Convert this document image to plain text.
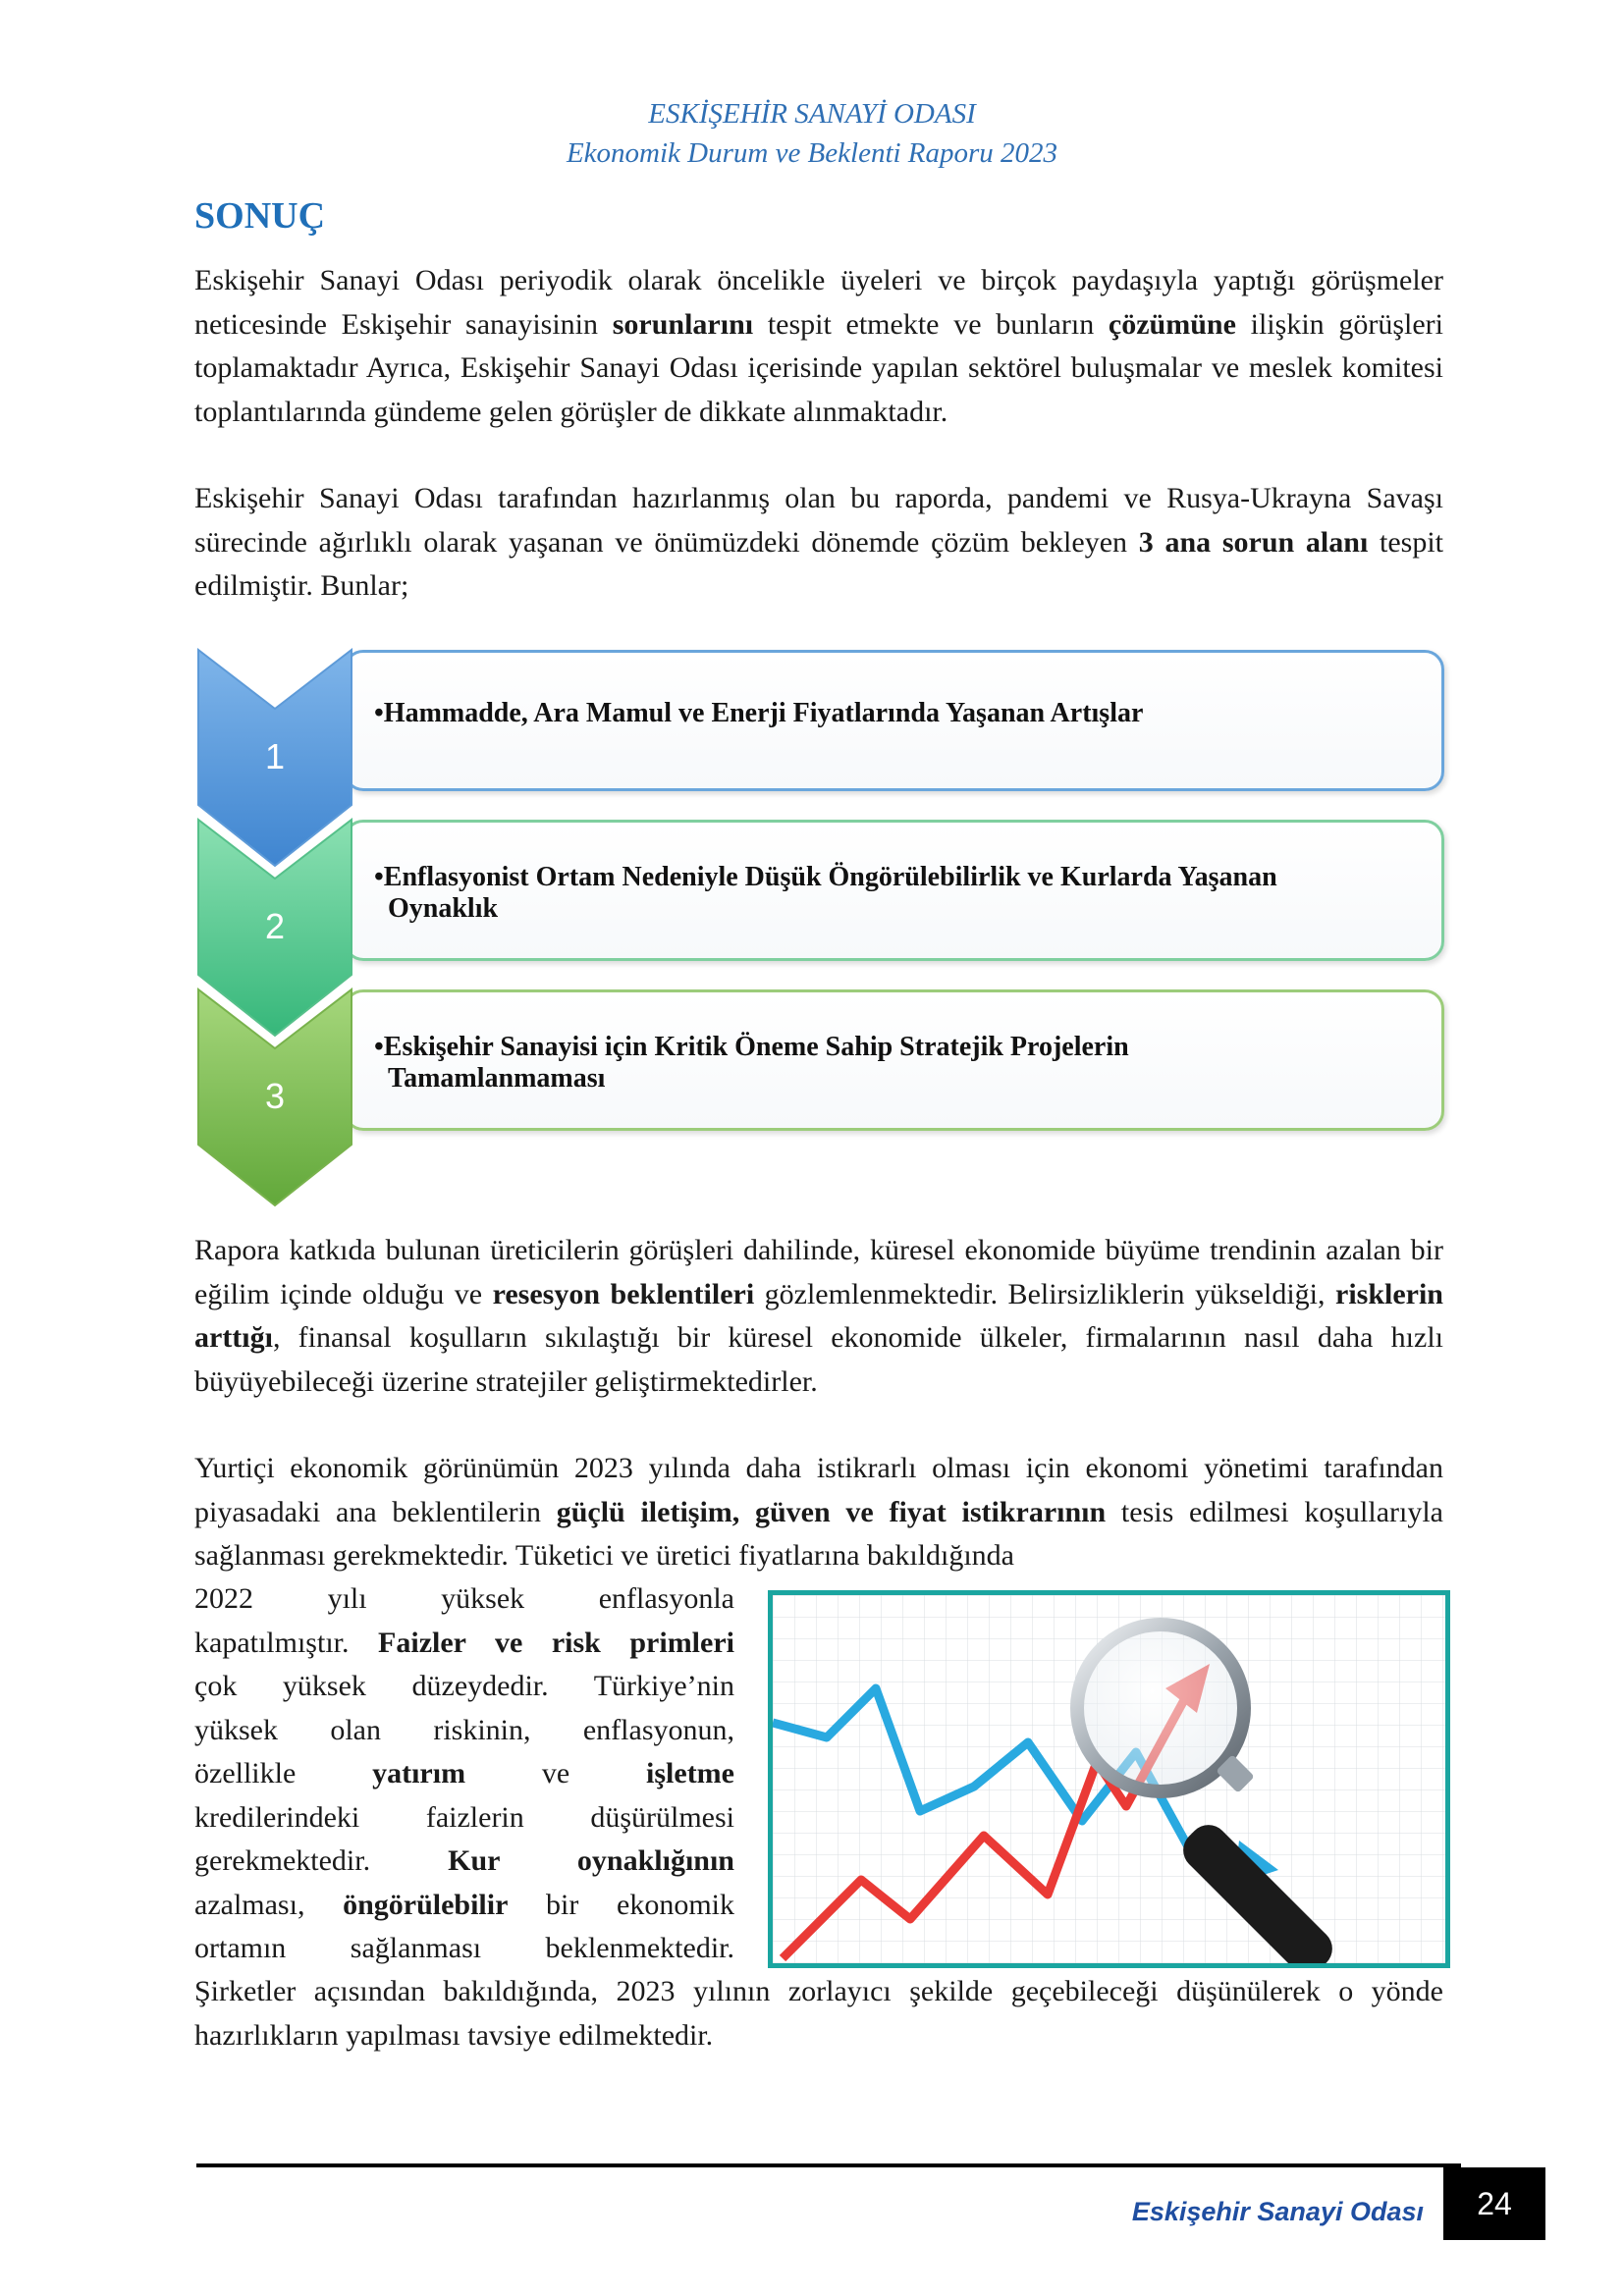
ESKİŞEHİR SANAYİ ODASI
Ekonomik Durum ve Beklenti Raporu 2023
SONUÇ
Eskişehir Sanayi Odası periyodik olarak öncelikle üyeleri ve birçok paydaşıyla yaptığı görüşmeler neticesinde Eskişehir sanayisinin sorunlarını tespit etmekte ve bunların çözümüne ilişkin görüşleri toplamaktadır Ayrıca, Eskişehir Sanayi Odası içerisinde yapılan sektörel buluşmalar ve meslek komitesi toplantılarında gündeme gelen görüşler de dikkate alınmaktadır.
Eskişehir Sanayi Odası tarafından hazırlanmış olan bu raporda, pandemi ve Rusya-Ukrayna Savaşı sürecinde ağırlıklı olarak yaşanan ve önümüzdeki dönemde çözüm bekleyen 3 ana sorun alanı tespit edilmiştir. Bunlar;
•Hammadde, Ara Mamul ve Enerji Fiyatlarında Yaşanan Artışlar
1
•Enflasyonist Ortam Nedeniyle Düşük Öngörülebilirlik ve Kurlarda Yaşanan
Oynaklık
2
•Eskişehir Sanayisi için Kritik Öneme Sahip Stratejik Projelerin
Tamamlanmaması
3
Rapora katkıda bulunan üreticilerin görüşleri dahilinde, küresel ekonomide büyüme trendinin azalan bir eğilim içinde olduğu ve resesyon beklentileri gözlemlenmektedir. Belirsizliklerin yükseldiği, risklerin arttığı, finansal koşulların sıkılaştığı bir küresel ekonomide ülkeler, firmalarının nasıl daha hızlı büyüyebileceği üzerine stratejiler geliştirmektedirler.
Yurtiçi ekonomik görünümün 2023 yılında daha istikrarlı olması için ekonomi yönetimi tarafından piyasadaki ana beklentilerin güçlü iletişim, güven ve fiyat istikrarının tesis edilmesi koşullarıyla sağlanması gerekmektedir. Tüketici ve üretici fiyatlarına bakıldığında

2022 yılı yüksek enflasyonla

kapatılmıştır. Faizler ve risk primleri

çok yüksek düzeydedir. Türkiye’nin

yüksek olan riskinin, enflasyonun,

özellikle yatırım ve işletme

kredilerindeki faizlerin düşürülmesi

gerekmektedir. Kur oynaklığının

azalması, öngörülebilir bir ekonomik

ortamın sağlanması beklenmektedir.

Şirketler açısından bakıldığında, 2023 yılının zorlayıcı şekilde geçebileceği düşünülerek o yönde hazırlıkların yapılması tavsiye edilmektedir.
Eskişehir Sanayi Odası	24
